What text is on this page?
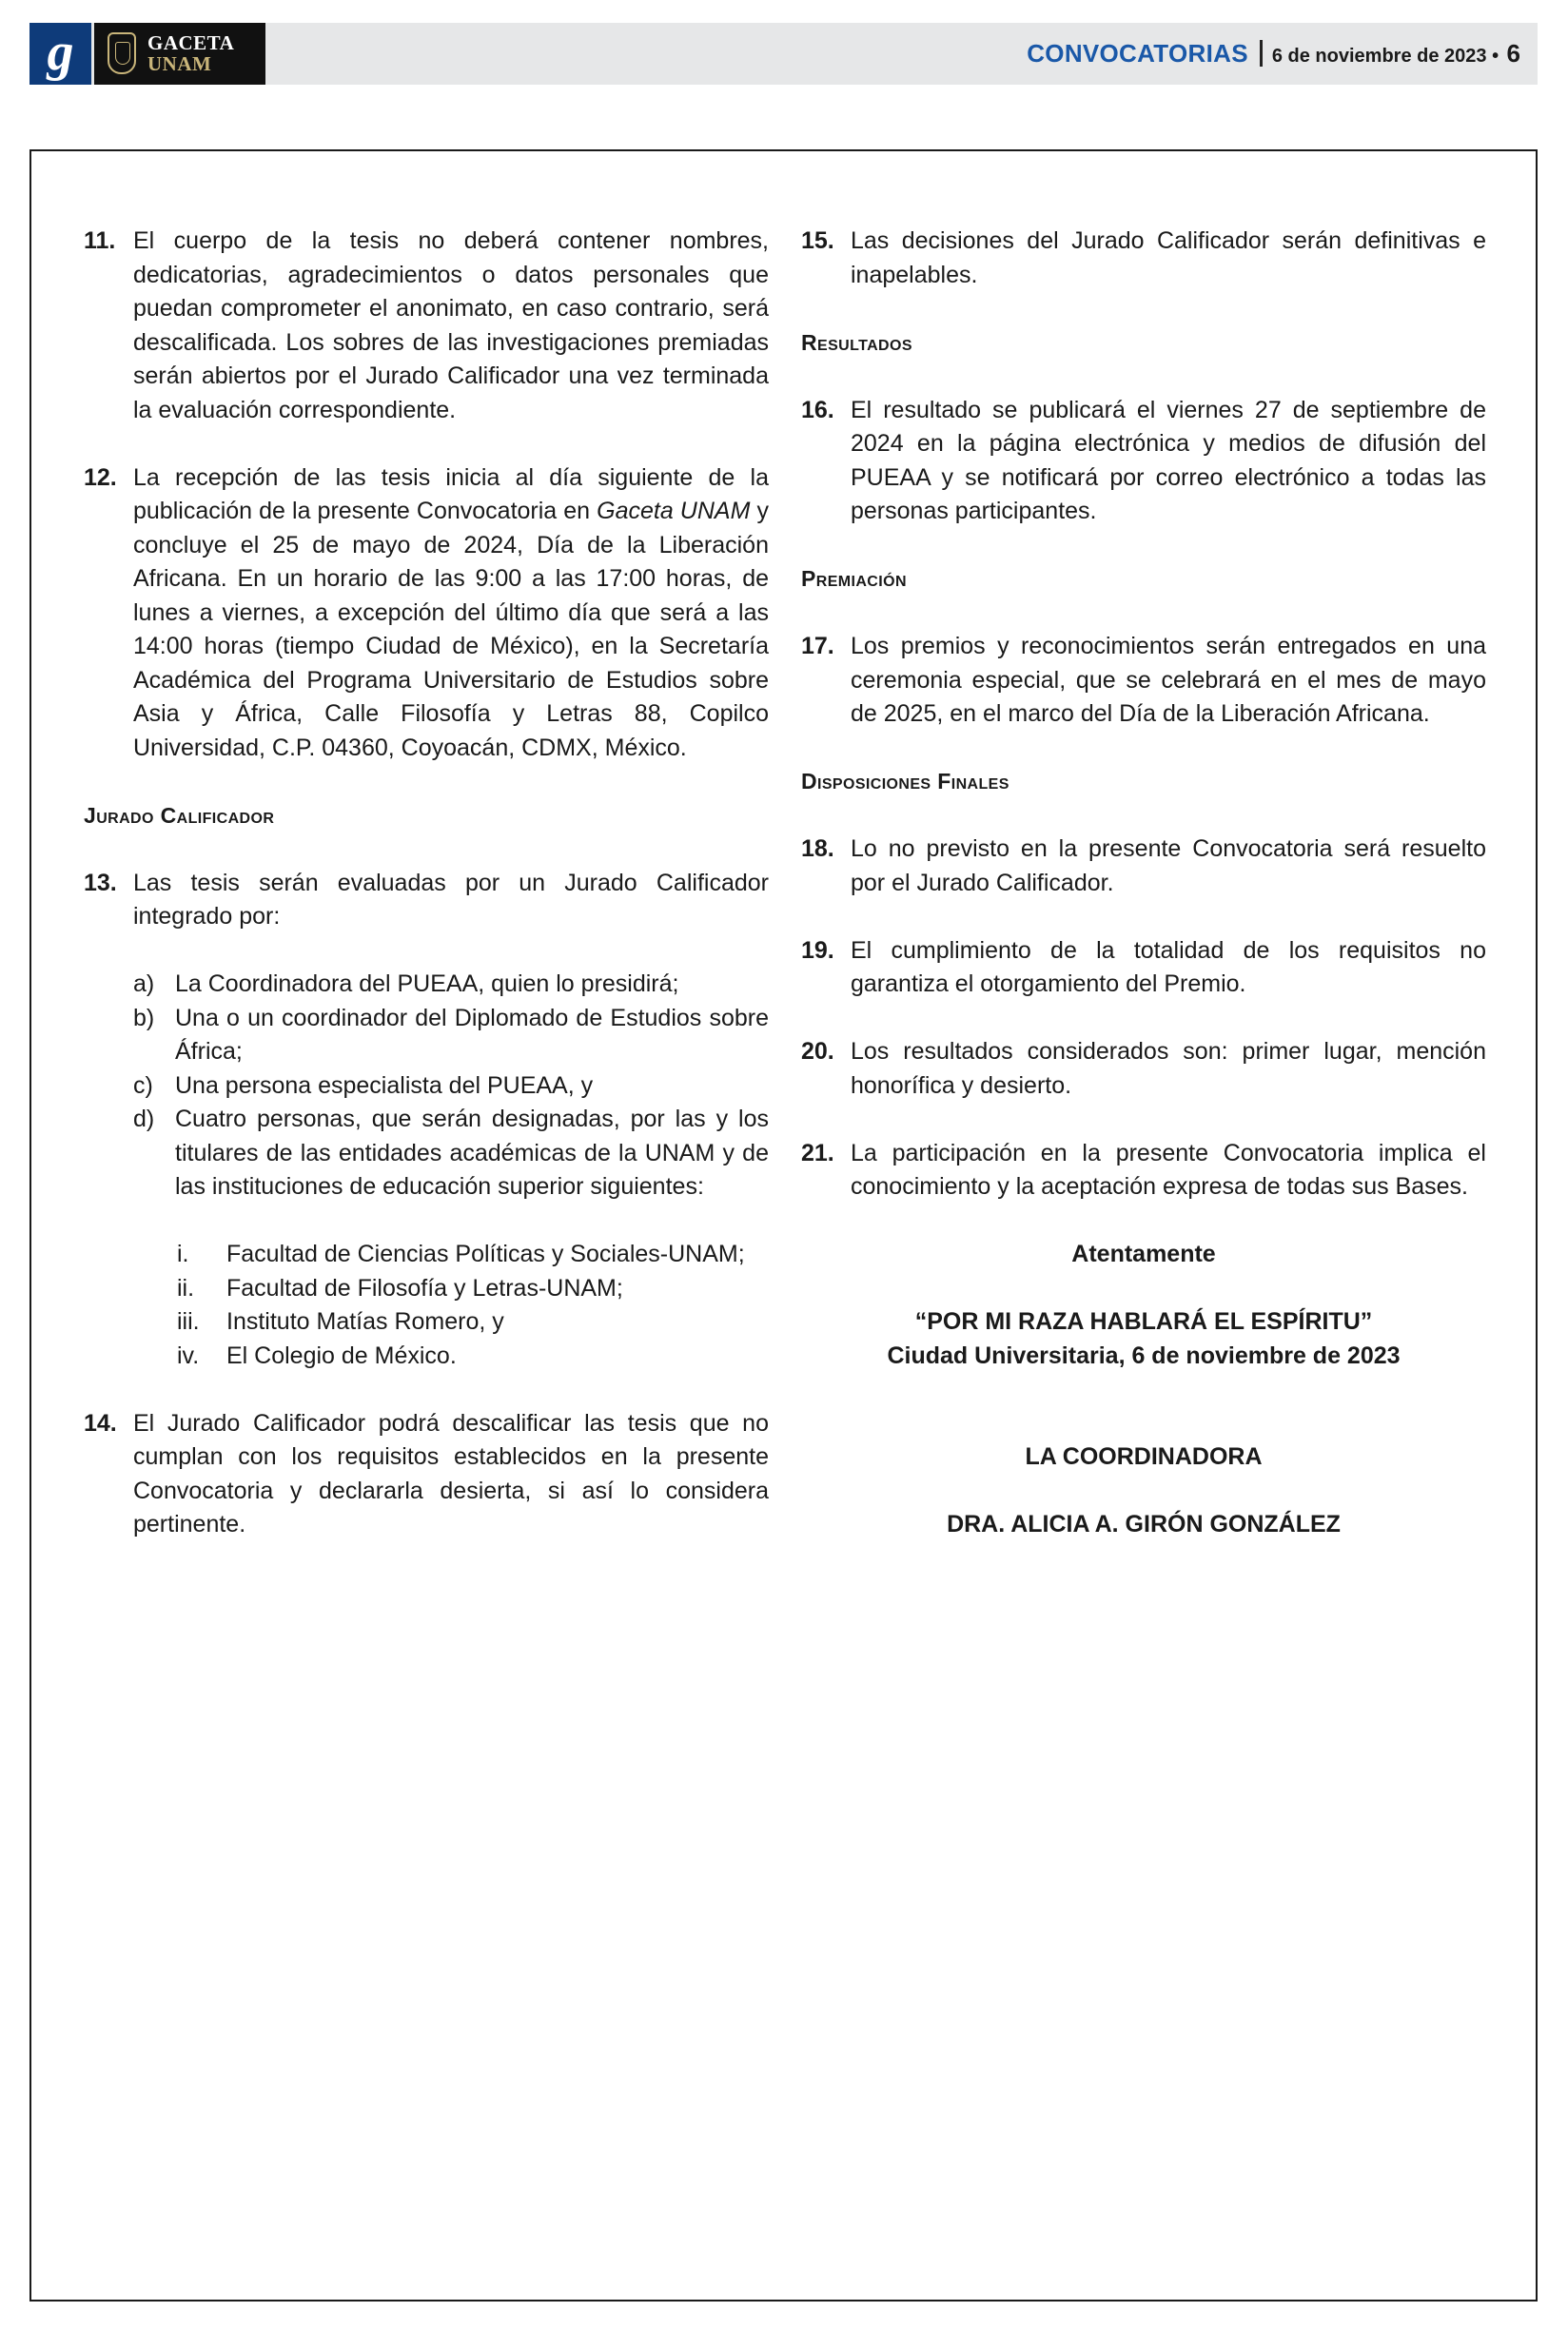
g	GACETA
UNAM	CONVOCATORIAS 6 de noviembre de 2023 • 6
11. El cuerpo de la tesis no deberá contener nombres, dedicatorias, agradecimientos o datos personales que puedan comprometer el anonimato, en caso contrario, será descalificada. Los sobres de las investigaciones premiadas serán abiertos por el Jurado Calificador una vez terminada la evaluación correspondiente.
12. La recepción de las tesis inicia al día siguiente de la publicación de la presente Convocatoria en Gaceta UNAM y concluye el 25 de mayo de 2024, Día de la Liberación Africana. En un horario de las 9:00 a las 17:00 horas, de lunes a viernes, a excepción del último día que será a las 14:00 horas (tiempo Ciudad de México), en la Secretaría Académica del Programa Universitario de Estudios sobre Asia y África, Calle Filosofía y Letras 88, Copilco Universidad, C.P. 04360, Coyoacán, CDMX, México.
Jurado Calificador
13. Las tesis serán evaluadas por un Jurado Calificador integrado por:
a) La Coordinadora del PUEAA, quien lo presidirá;
b) Una o un coordinador del Diplomado de Estudios sobre África;
c) Una persona especialista del PUEAA, y
d) Cuatro personas, que serán designadas, por las y los titulares de las entidades académicas de la UNAM y de las instituciones de educación superior siguientes:
i. Facultad de Ciencias Políticas y Sociales-UNAM;
ii. Facultad de Filosofía y Letras-UNAM;
iii. Instituto Matías Romero, y
iv. El Colegio de México.
14. El Jurado Calificador podrá descalificar las tesis que no cumplan con los requisitos establecidos en la presente Convocatoria y declararla desierta, si así lo considera pertinente.
15. Las decisiones del Jurado Calificador serán definitivas e inapelables.
Resultados
16. El resultado se publicará el viernes 27 de septiembre de 2024 en la página electrónica y medios de difusión del PUEAA y se notificará por correo electrónico a todas las personas participantes.
Premiación
17. Los premios y reconocimientos serán entregados en una ceremonia especial, que se celebrará en el mes de mayo de 2025, en el marco del Día de la Liberación Africana.
Disposiciones Finales
18. Lo no previsto en la presente Convocatoria será resuelto por el Jurado Calificador.
19. El cumplimiento de la totalidad de los requisitos no garantiza el otorgamiento del Premio.
20. Los resultados considerados son: primer lugar, mención honorífica y desierto.
21. La participación en la presente Convocatoria implica el conocimiento y la aceptación expresa de todas sus Bases.
Atentamente
“POR MI RAZA HABLARÁ EL ESPÍRITU”
Ciudad Universitaria, 6 de noviembre de 2023
LA COORDINADORA
DRA. ALICIA A. GIRÓN GONZÁLEZ
